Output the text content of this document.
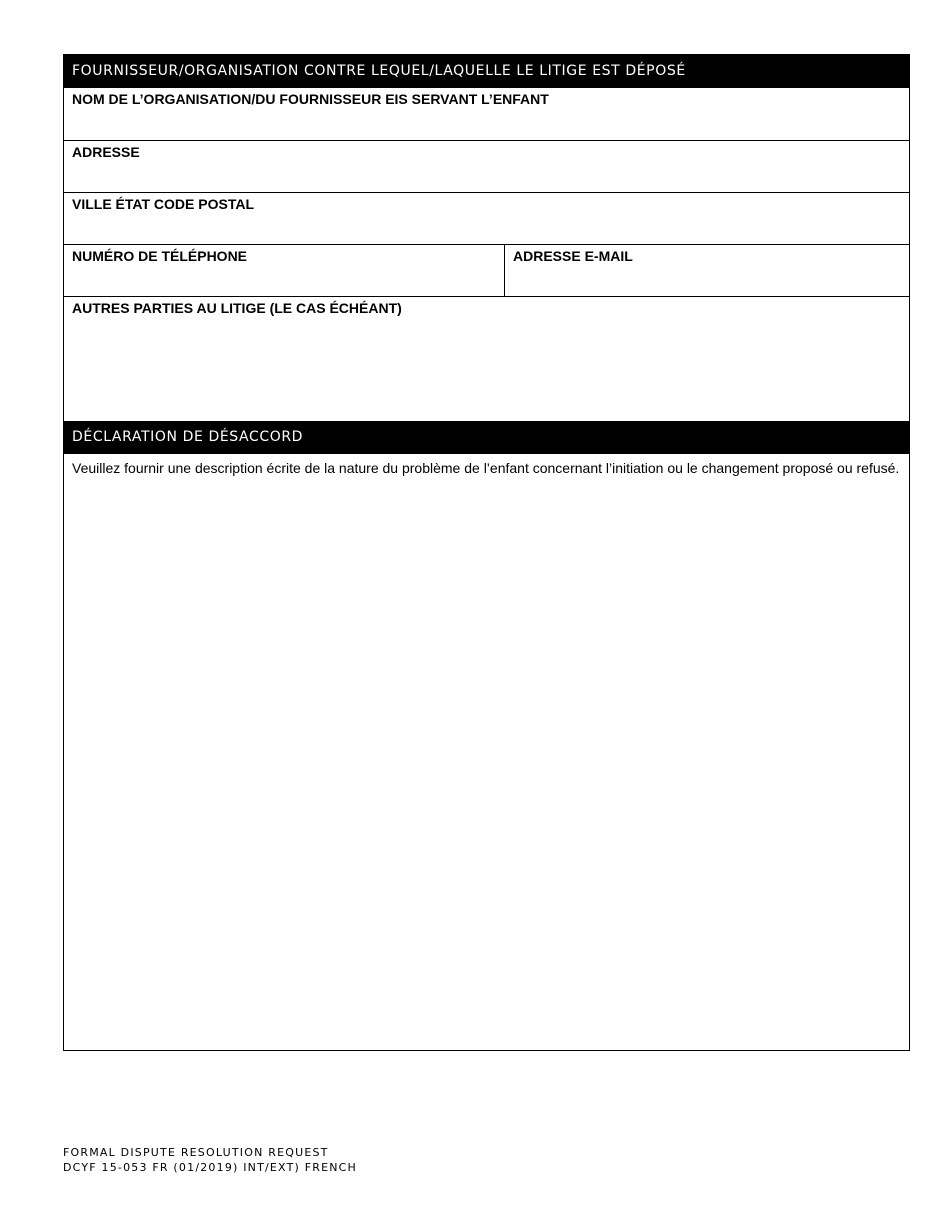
FOURNISSEUR/ORGANISATION CONTRE LEQUEL/LAQUELLE LE LITIGE EST DÉPOSÉ
NOM DE L’ORGANISATION/DU FOURNISSEUR EIS SERVANT L’ENFANT
ADRESSE
VILLE ÉTAT CODE POSTAL
NUMÉRO DE TÉLÉPHONE	ADRESSE E-MAIL
AUTRES PARTIES AU LITIGE (LE CAS ÉCHÉANT)
DÉCLARATION DE DÉSACCORD
Veuillez fournir une description écrite de la nature du problème de l’enfant concernant l’initiation ou le changement proposé ou refusé.
FORMAL DISPUTE RESOLUTION REQUEST
DCYF 15-053 FR (01/2019) INT/EXT) FRENCH
